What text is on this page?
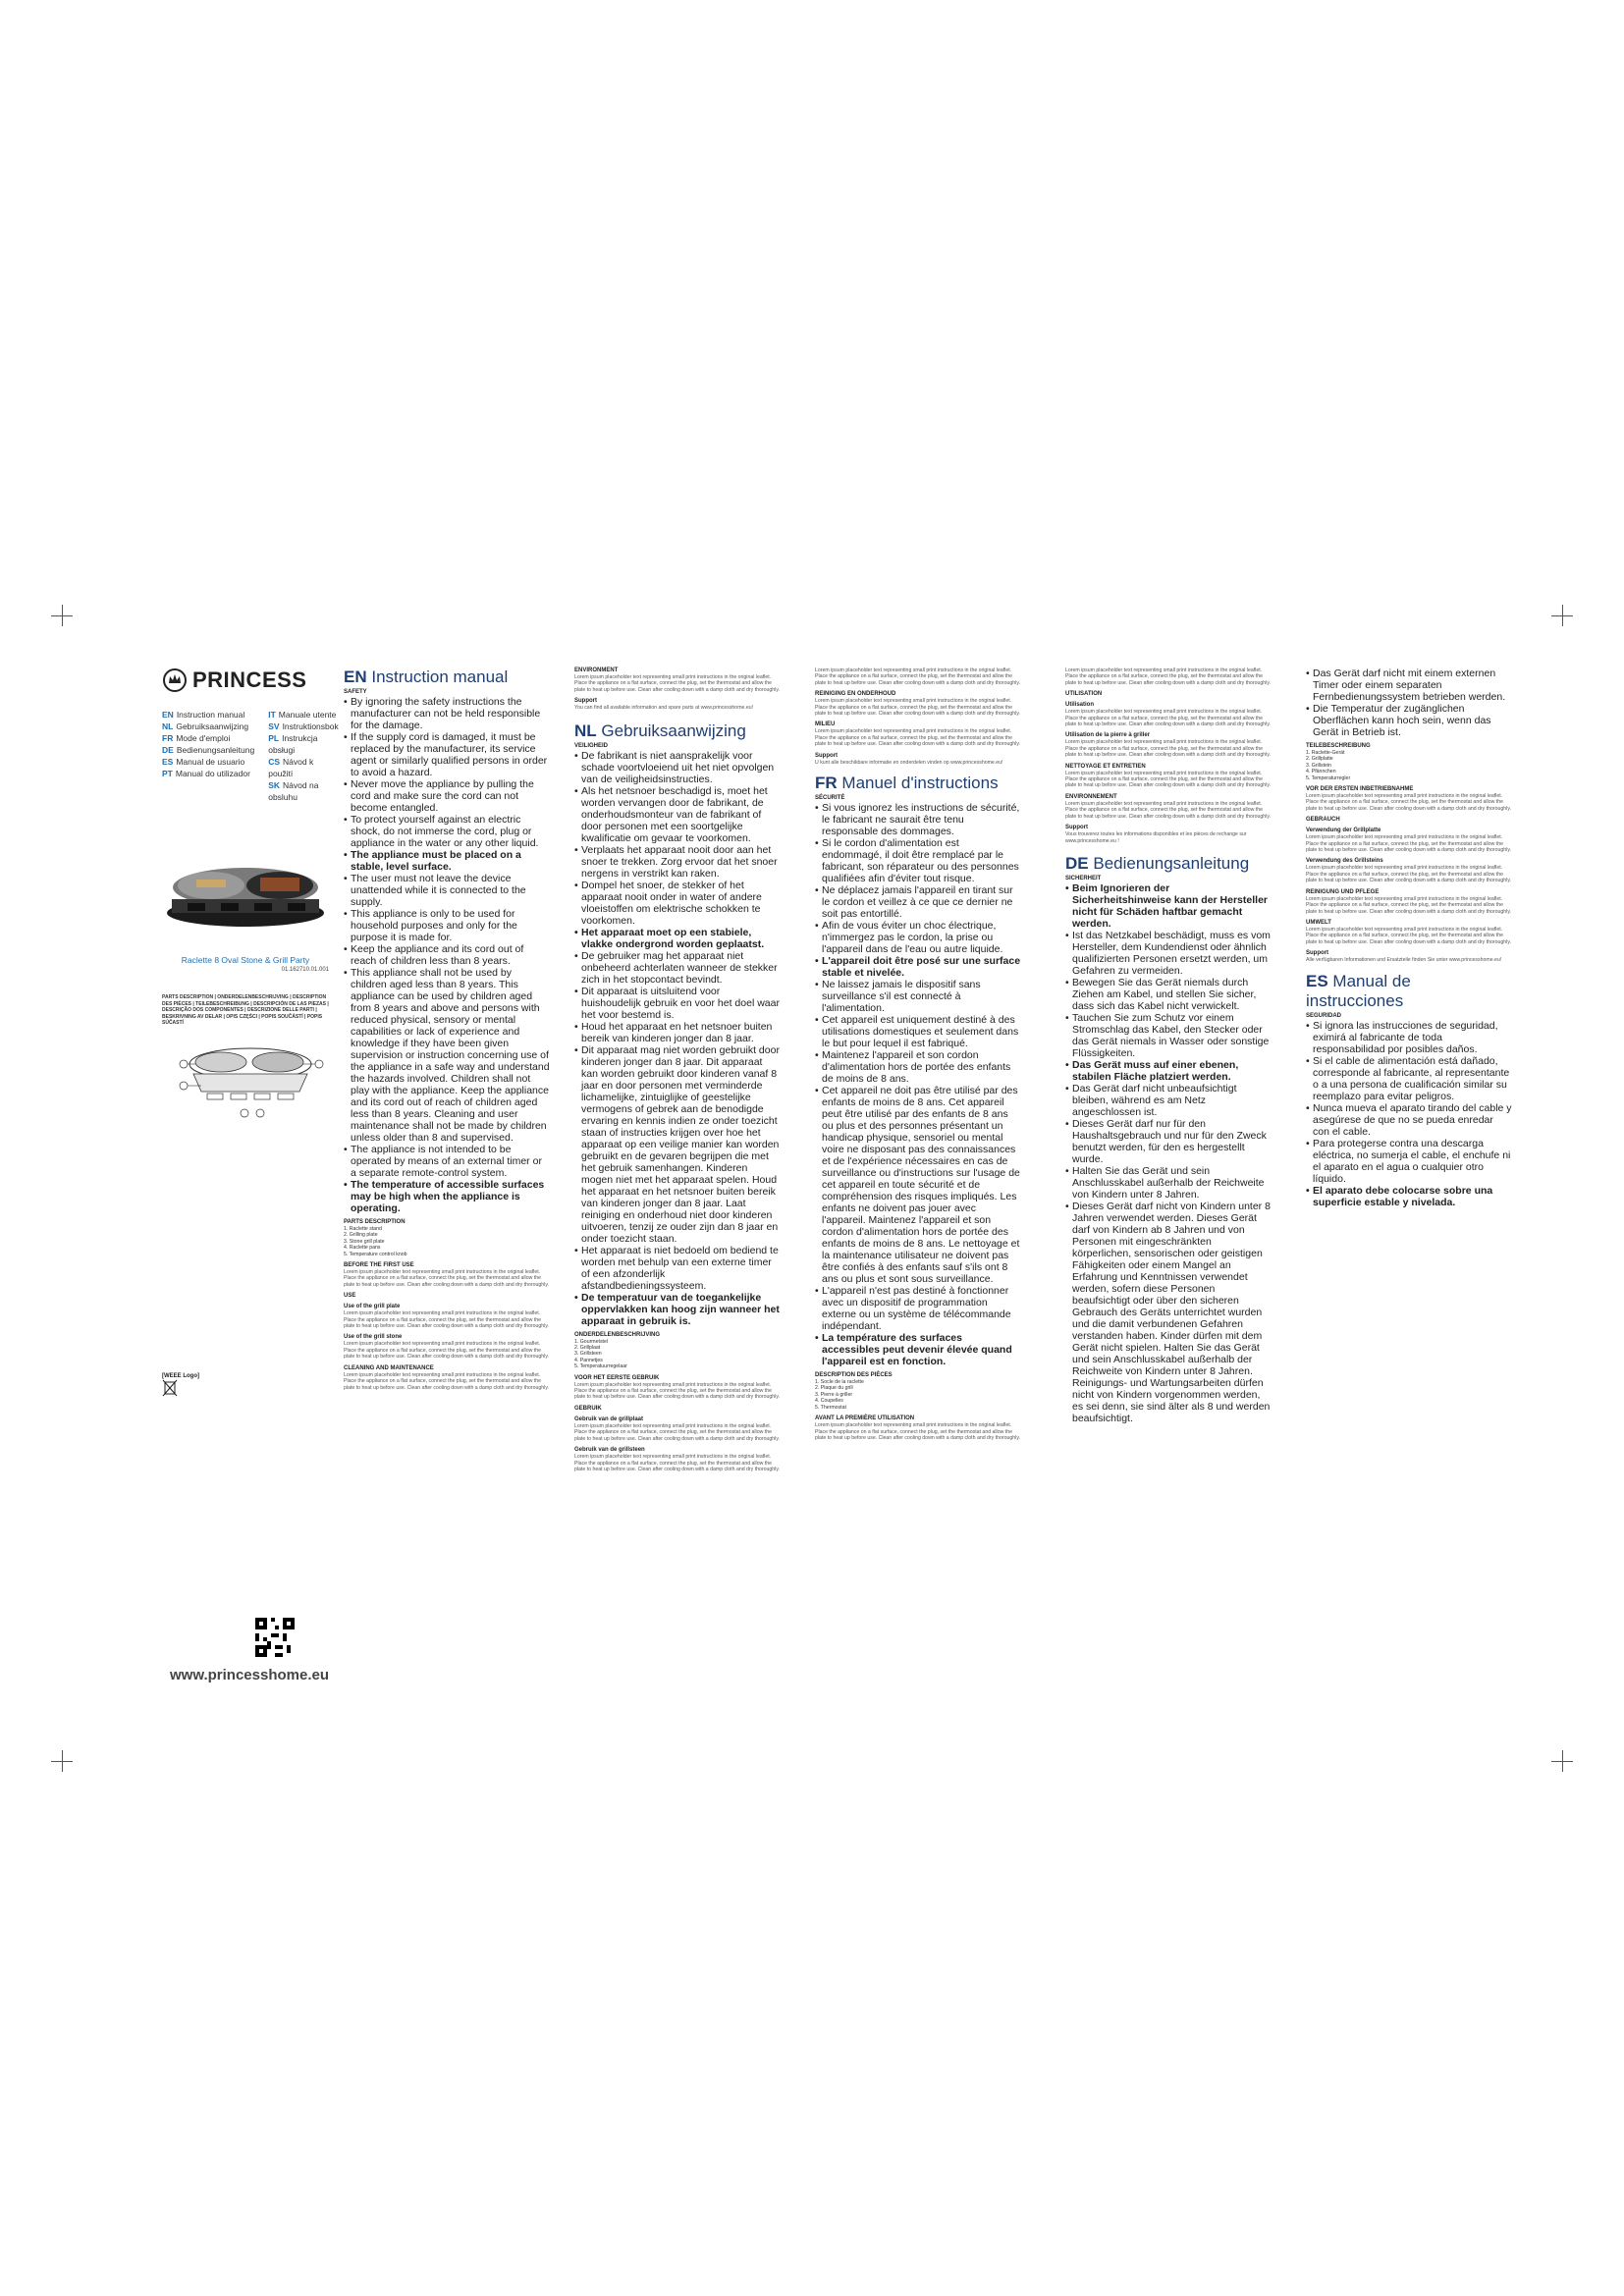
PRINCESS
EN Instruction manual
NL Gebruiksaanwijzing
FR Mode d'emploi
DE Bedienungsanleitung
ES Manual de usuario
PT Manual do utilizador
IT Manuale utente
SV Instruktionsbok
PL Instrukcja obsługi
CS Návod k použití
SK Návod na obsluhu
Raclette 8 Oval Stone & Grill Party
01.162710.01.001
PARTS DESCRIPTION | ONDERDELENBESCHRIJVING | DESCRIPTION DES PIÈCES | TEILEBESCHREIBUNG | DESCRIPCIÓN DE LAS PIEZAS | DESCRIÇÃO DOS COMPONENTES | DESCRIZIONE DELLE PARTI | BESKRIVNING AV DELAR | OPIS CZĘŚCI | POPIS SOUČÁSTÍ | POPIS SÚČASTÍ
[WEEE Logo]
www.princesshome.eu
EN Instruction manual
SAFETY
• By ignoring the safety instructions the manufacturer can not be held responsible for the damage.
• If the supply cord is damaged, it must be replaced by the manufacturer, its service agent or similarly qualified persons in order to avoid a hazard.
• Never move the appliance by pulling the cord and make sure the cord can not become entangled.
• To protect yourself against an electric shock, do not immerse the cord, plug or appliance in the water or any other liquid.
• The appliance must be placed on a stable, level surface.
• The user must not leave the device unattended while it is connected to the supply.
• This appliance is only to be used for household purposes and only for the purpose it is made for.
• Keep the appliance and its cord out of reach of children less than 8 years.
• This appliance shall not be used by children aged less than 8 years. This appliance can be used by children aged from 8 years and above and persons with reduced physical, sensory or mental capabilities or lack of experience and knowledge if they have been given supervision or instruction concerning use of the appliance in a safe way and understand the hazards involved. Children shall not play with the appliance. Keep the appliance and its cord out of reach of children aged less than 8 years. Cleaning and user maintenance shall not be made by children unless older than 8 and supervised.
• The appliance is not intended to be operated by means of an external timer or a separate remote-control system.
• The temperature of accessible surfaces may be high when the appliance is operating.
PARTS DESCRIPTION
1. Raclette stand
2. Grilling plate
3. Stone grill plate
4. Raclette pans
5. Temperature control knob
BEFORE THE FIRST USE
Lorem ipsum placeholder text representing small print instructions in the original leaflet. Place the appliance on a flat surface, connect the plug, set the thermostat and allow the plate to heat up before use. Clean after cooling down with a damp cloth and dry thoroughly.
USE
Use of the grill plate
Lorem ipsum placeholder text representing small print instructions in the original leaflet. Place the appliance on a flat surface, connect the plug, set the thermostat and allow the plate to heat up before use. Clean after cooling down with a damp cloth and dry thoroughly.
Use of the grill stone
Lorem ipsum placeholder text representing small print instructions in the original leaflet. Place the appliance on a flat surface, connect the plug, set the thermostat and allow the plate to heat up before use. Clean after cooling down with a damp cloth and dry thoroughly.
CLEANING AND MAINTENANCE
Lorem ipsum placeholder text representing small print instructions in the original leaflet. Place the appliance on a flat surface, connect the plug, set the thermostat and allow the plate to heat up before use. Clean after cooling down with a damp cloth and dry thoroughly.
ENVIRONMENT
Lorem ipsum placeholder text representing small print instructions in the original leaflet. Place the appliance on a flat surface, connect the plug, set the thermostat and allow the plate to heat up before use. Clean after cooling down with a damp cloth and dry thoroughly.
Support
You can find all available information and spare parts at www.princesshome.eu!
NL Gebruiksaanwijzing
VEILIGHEID
• De fabrikant is niet aansprakelijk voor schade voortvloeiend uit het niet opvolgen van de veiligheidsinstructies.
• Als het netsnoer beschadigd is, moet het worden vervangen door de fabrikant, de onderhoudsmonteur van de fabrikant of door personen met een soortgelijke kwalificatie om gevaar te voorkomen.
• Verplaats het apparaat nooit door aan het snoer te trekken. Zorg ervoor dat het snoer nergens in verstrikt kan raken.
• Dompel het snoer, de stekker of het apparaat nooit onder in water of andere vloeistoffen om elektrische schokken te voorkomen.
• Het apparaat moet op een stabiele, vlakke ondergrond worden geplaatst.
• De gebruiker mag het apparaat niet onbeheerd achterlaten wanneer de stekker zich in het stopcontact bevindt.
• Dit apparaat is uitsluitend voor huishoudelijk gebruik en voor het doel waar het voor bestemd is.
• Houd het apparaat en het netsnoer buiten bereik van kinderen jonger dan 8 jaar.
• Dit apparaat mag niet worden gebruikt door kinderen jonger dan 8 jaar. Dit apparaat kan worden gebruikt door kinderen vanaf 8 jaar en door personen met verminderde lichamelijke, zintuiglijke of geestelijke vermogens of gebrek aan de benodigde ervaring en kennis indien ze onder toezicht staan of instructies krijgen over hoe het apparaat op een veilige manier kan worden gebruikt en de gevaren begrijpen die met het gebruik samenhangen. Kinderen mogen niet met het apparaat spelen. Houd het apparaat en het netsnoer buiten bereik van kinderen jonger dan 8 jaar. Laat reiniging en onderhoud niet door kinderen uitvoeren, tenzij ze ouder zijn dan 8 jaar en onder toezicht staan.
• Het apparaat is niet bedoeld om bediend te worden met behulp van een externe timer of een afzonderlijk afstandbedieningssysteem.
• De temperatuur van de toegankelijke oppervlakken kan hoog zijn wanneer het apparaat in gebruik is.
ONDERDELENBESCHRIJVING
1. Gourmetstel
2. Grillplaat
3. Grillsteen
4. Pannetjes
5. Temperatuurregelaar
VOOR HET EERSTE GEBRUIK
Lorem ipsum placeholder text representing small print instructions in the original leaflet. Place the appliance on a flat surface, connect the plug, set the thermostat and allow the plate to heat up before use. Clean after cooling down with a damp cloth and dry thoroughly.
GEBRUIK
Gebruik van de grillplaat
Lorem ipsum placeholder text representing small print instructions in the original leaflet. Place the appliance on a flat surface, connect the plug, set the thermostat and allow the plate to heat up before use. Clean after cooling down with a damp cloth and dry thoroughly.
Gebruik van de grillsteen
Lorem ipsum placeholder text representing small print instructions in the original leaflet. Place the appliance on a flat surface, connect the plug, set the thermostat and allow the plate to heat up before use. Clean after cooling down with a damp cloth and dry thoroughly.
Lorem ipsum placeholder text representing small print instructions in the original leaflet. Place the appliance on a flat surface, connect the plug, set the thermostat and allow the plate to heat up before use. Clean after cooling down with a damp cloth and dry thoroughly.
REINIGING EN ONDERHOUD
Lorem ipsum placeholder text representing small print instructions in the original leaflet. Place the appliance on a flat surface, connect the plug, set the thermostat and allow the plate to heat up before use. Clean after cooling down with a damp cloth and dry thoroughly.
MILIEU
Lorem ipsum placeholder text representing small print instructions in the original leaflet. Place the appliance on a flat surface, connect the plug, set the thermostat and allow the plate to heat up before use. Clean after cooling down with a damp cloth and dry thoroughly.
Support
U kunt alle beschikbare informatie en onderdelen vinden op www.princesshome.eu!
FR Manuel d'instructions
SÉCURITÉ
• Si vous ignorez les instructions de sécurité, le fabricant ne saurait être tenu responsable des dommages.
• Si le cordon d'alimentation est endommagé, il doit être remplacé par le fabricant, son réparateur ou des personnes qualifiées afin d'éviter tout risque.
• Ne déplacez jamais l'appareil en tirant sur le cordon et veillez à ce que ce dernier ne soit pas entortillé.
• Afin de vous éviter un choc électrique, n'immergez pas le cordon, la prise ou l'appareil dans de l'eau ou autre liquide.
• L'appareil doit être posé sur une surface stable et nivelée.
• Ne laissez jamais le dispositif sans surveillance s'il est connecté à l'alimentation.
• Cet appareil est uniquement destiné à des utilisations domestiques et seulement dans le but pour lequel il est fabriqué.
• Maintenez l'appareil et son cordon d'alimentation hors de portée des enfants de moins de 8 ans.
• Cet appareil ne doit pas être utilisé par des enfants de moins de 8 ans. Cet appareil peut être utilisé par des enfants de 8 ans ou plus et des personnes présentant un handicap physique, sensoriel ou mental voire ne disposant pas des connaissances et de l'expérience nécessaires en cas de surveillance ou d'instructions sur l'usage de cet appareil en toute sécurité et de compréhension des risques impliqués. Les enfants ne doivent pas jouer avec l'appareil. Maintenez l'appareil et son cordon d'alimentation hors de portée des enfants de moins de 8 ans. Le nettoyage et la maintenance utilisateur ne doivent pas être confiés à des enfants sauf s'ils ont 8 ans ou plus et sont sous surveillance.
• L'appareil n'est pas destiné à fonctionner avec un dispositif de programmation externe ou un système de télécommande indépendant.
• La température des surfaces accessibles peut devenir élevée quand l'appareil est en fonction.
DESCRIPTION DES PIÈCES
1. Socle de la raclette
2. Plaque du grill
3. Pierre à griller
4. Coupelles
5. Thermostat
AVANT LA PREMIÈRE UTILISATION
Lorem ipsum placeholder text representing small print instructions in the original leaflet. Place the appliance on a flat surface, connect the plug, set the thermostat and allow the plate to heat up before use. Clean after cooling down with a damp cloth and dry thoroughly.
Lorem ipsum placeholder text representing small print instructions in the original leaflet. Place the appliance on a flat surface, connect the plug, set the thermostat and allow the plate to heat up before use. Clean after cooling down with a damp cloth and dry thoroughly.
UTILISATION
Utilisation
Lorem ipsum placeholder text representing small print instructions in the original leaflet. Place the appliance on a flat surface, connect the plug, set the thermostat and allow the plate to heat up before use. Clean after cooling down with a damp cloth and dry thoroughly.
Utilisation de la pierre à griller
Lorem ipsum placeholder text representing small print instructions in the original leaflet. Place the appliance on a flat surface, connect the plug, set the thermostat and allow the plate to heat up before use. Clean after cooling down with a damp cloth and dry thoroughly.
NETTOYAGE ET ENTRETIEN
Lorem ipsum placeholder text representing small print instructions in the original leaflet. Place the appliance on a flat surface, connect the plug, set the thermostat and allow the plate to heat up before use. Clean after cooling down with a damp cloth and dry thoroughly.
ENVIRONNEMENT
Lorem ipsum placeholder text representing small print instructions in the original leaflet. Place the appliance on a flat surface, connect the plug, set the thermostat and allow the plate to heat up before use. Clean after cooling down with a damp cloth and dry thoroughly.
Support
Vous trouverez toutes les informations disponibles et les pièces de rechange sur www.princesshome.eu !
DE Bedienungsanleitung
SICHERHEIT
• Beim Ignorieren der Sicherheitshinweise kann der Hersteller nicht für Schäden haftbar gemacht werden.
• Ist das Netzkabel beschädigt, muss es vom Hersteller, dem Kundendienst oder ähnlich qualifizierten Personen ersetzt werden, um Gefahren zu vermeiden.
• Bewegen Sie das Gerät niemals durch Ziehen am Kabel, und stellen Sie sicher, dass sich das Kabel nicht verwickelt.
• Tauchen Sie zum Schutz vor einem Stromschlag das Kabel, den Stecker oder das Gerät niemals in Wasser oder sonstige Flüssigkeiten.
• Das Gerät muss auf einer ebenen, stabilen Fläche platziert werden.
• Das Gerät darf nicht unbeaufsichtigt bleiben, während es am Netz angeschlossen ist.
• Dieses Gerät darf nur für den Haushaltsgebrauch und nur für den Zweck benutzt werden, für den es hergestellt wurde.
• Halten Sie das Gerät und sein Anschlusskabel außerhalb der Reichweite von Kindern unter 8 Jahren.
• Dieses Gerät darf nicht von Kindern unter 8 Jahren verwendet werden. Dieses Gerät darf von Kindern ab 8 Jahren und von Personen mit eingeschränkten körperlichen, sensorischen oder geistigen Fähigkeiten oder einem Mangel an Erfahrung und Kenntnissen verwendet werden, sofern diese Personen beaufsichtigt oder über den sicheren Gebrauch des Geräts unterrichtet wurden und die damit verbundenen Gefahren verstanden haben. Kinder dürfen mit dem Gerät nicht spielen. Halten Sie das Gerät und sein Anschlusskabel außerhalb der Reichweite von Kindern unter 8 Jahren. Reinigungs- und Wartungsarbeiten dürfen nicht von Kindern vorgenommen werden, es sei denn, sie sind älter als 8 und werden beaufsichtigt.
• Das Gerät darf nicht mit einem externen Timer oder einem separaten Fernbedienungssystem betrieben werden.
• Die Temperatur der zugänglichen Oberflächen kann hoch sein, wenn das Gerät in Betrieb ist.
TEILEBESCHREIBUNG
1. Raclette-Gerät
2. Grillplatte
3. Grillstein
4. Pfännchen
5. Temperaturregler
VOR DER ERSTEN INBETRIEBNAHME
Lorem ipsum placeholder text representing small print instructions in the original leaflet. Place the appliance on a flat surface, connect the plug, set the thermostat and allow the plate to heat up before use. Clean after cooling down with a damp cloth and dry thoroughly.
GEBRAUCH
Verwendung der Grillplatte
Lorem ipsum placeholder text representing small print instructions in the original leaflet. Place the appliance on a flat surface, connect the plug, set the thermostat and allow the plate to heat up before use. Clean after cooling down with a damp cloth and dry thoroughly.
Verwendung des Grillsteins
Lorem ipsum placeholder text representing small print instructions in the original leaflet. Place the appliance on a flat surface, connect the plug, set the thermostat and allow the plate to heat up before use. Clean after cooling down with a damp cloth and dry thoroughly.
REINIGUNG UND PFLEGE
Lorem ipsum placeholder text representing small print instructions in the original leaflet. Place the appliance on a flat surface, connect the plug, set the thermostat and allow the plate to heat up before use. Clean after cooling down with a damp cloth and dry thoroughly.
UMWELT
Lorem ipsum placeholder text representing small print instructions in the original leaflet. Place the appliance on a flat surface, connect the plug, set the thermostat and allow the plate to heat up before use. Clean after cooling down with a damp cloth and dry thoroughly.
Support
Alle verfügbaren Informationen und Ersatzteile finden Sie unter www.princesshome.eu!
ES Manual de instrucciones
SEGURIDAD
• Si ignora las instrucciones de seguridad, eximirá al fabricante de toda responsabilidad por posibles daños.
• Si el cable de alimentación está dañado, corresponde al fabricante, al representante o a una persona de cualificación similar su reemplazo para evitar peligros.
• Nunca mueva el aparato tirando del cable y asegúrese de que no se pueda enredar con el cable.
• Para protegerse contra una descarga eléctrica, no sumerja el cable, el enchufe ni el aparato en el agua o cualquier otro líquido.
• El aparato debe colocarse sobre una superficie estable y nivelada.
